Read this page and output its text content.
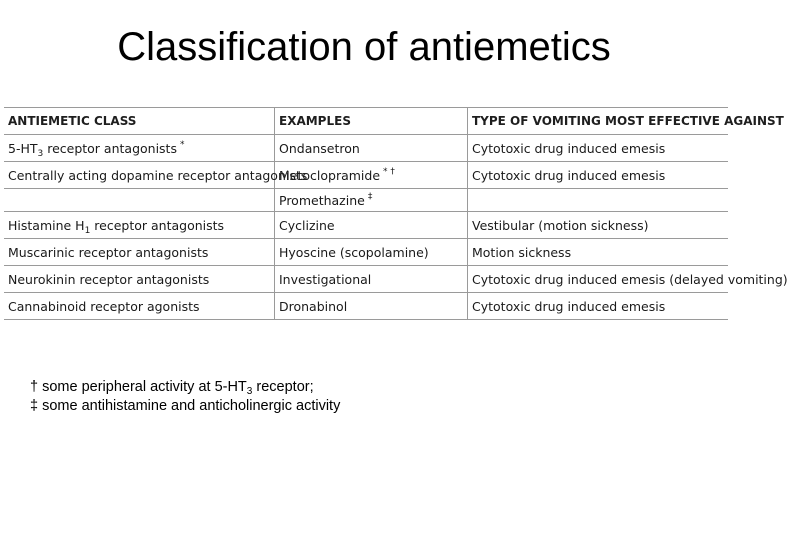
Classification of antiemetics
ANTIEMETIC CLASS	EXAMPLES	TYPE OF VOMITING MOST EFFECTIVE AGAINST
$5-HT_3$ receptor antagonists *	Ondansetron	Cytotoxic drug induced emesis
Centrally acting dopamine receptor antagonists	Metoclopramide * †	Cytotoxic drug induced emesis
	Promethazine ‡	
Histamine $H_1$ receptor antagonists	Cyclizine	Vestibular (motion sickness)
Muscarinic receptor antagonists	Hyoscine (scopolamine)	Motion sickness
Neurokinin receptor antagonists	Investigational	Cytotoxic drug induced emesis (delayed vomiting)
Cannabinoid receptor agonists	Dronabinol	Cytotoxic drug induced emesis
† some peripheral activity at $5-HT_3$ receptor;
‡ some antihistamine and anticholinergic activity
